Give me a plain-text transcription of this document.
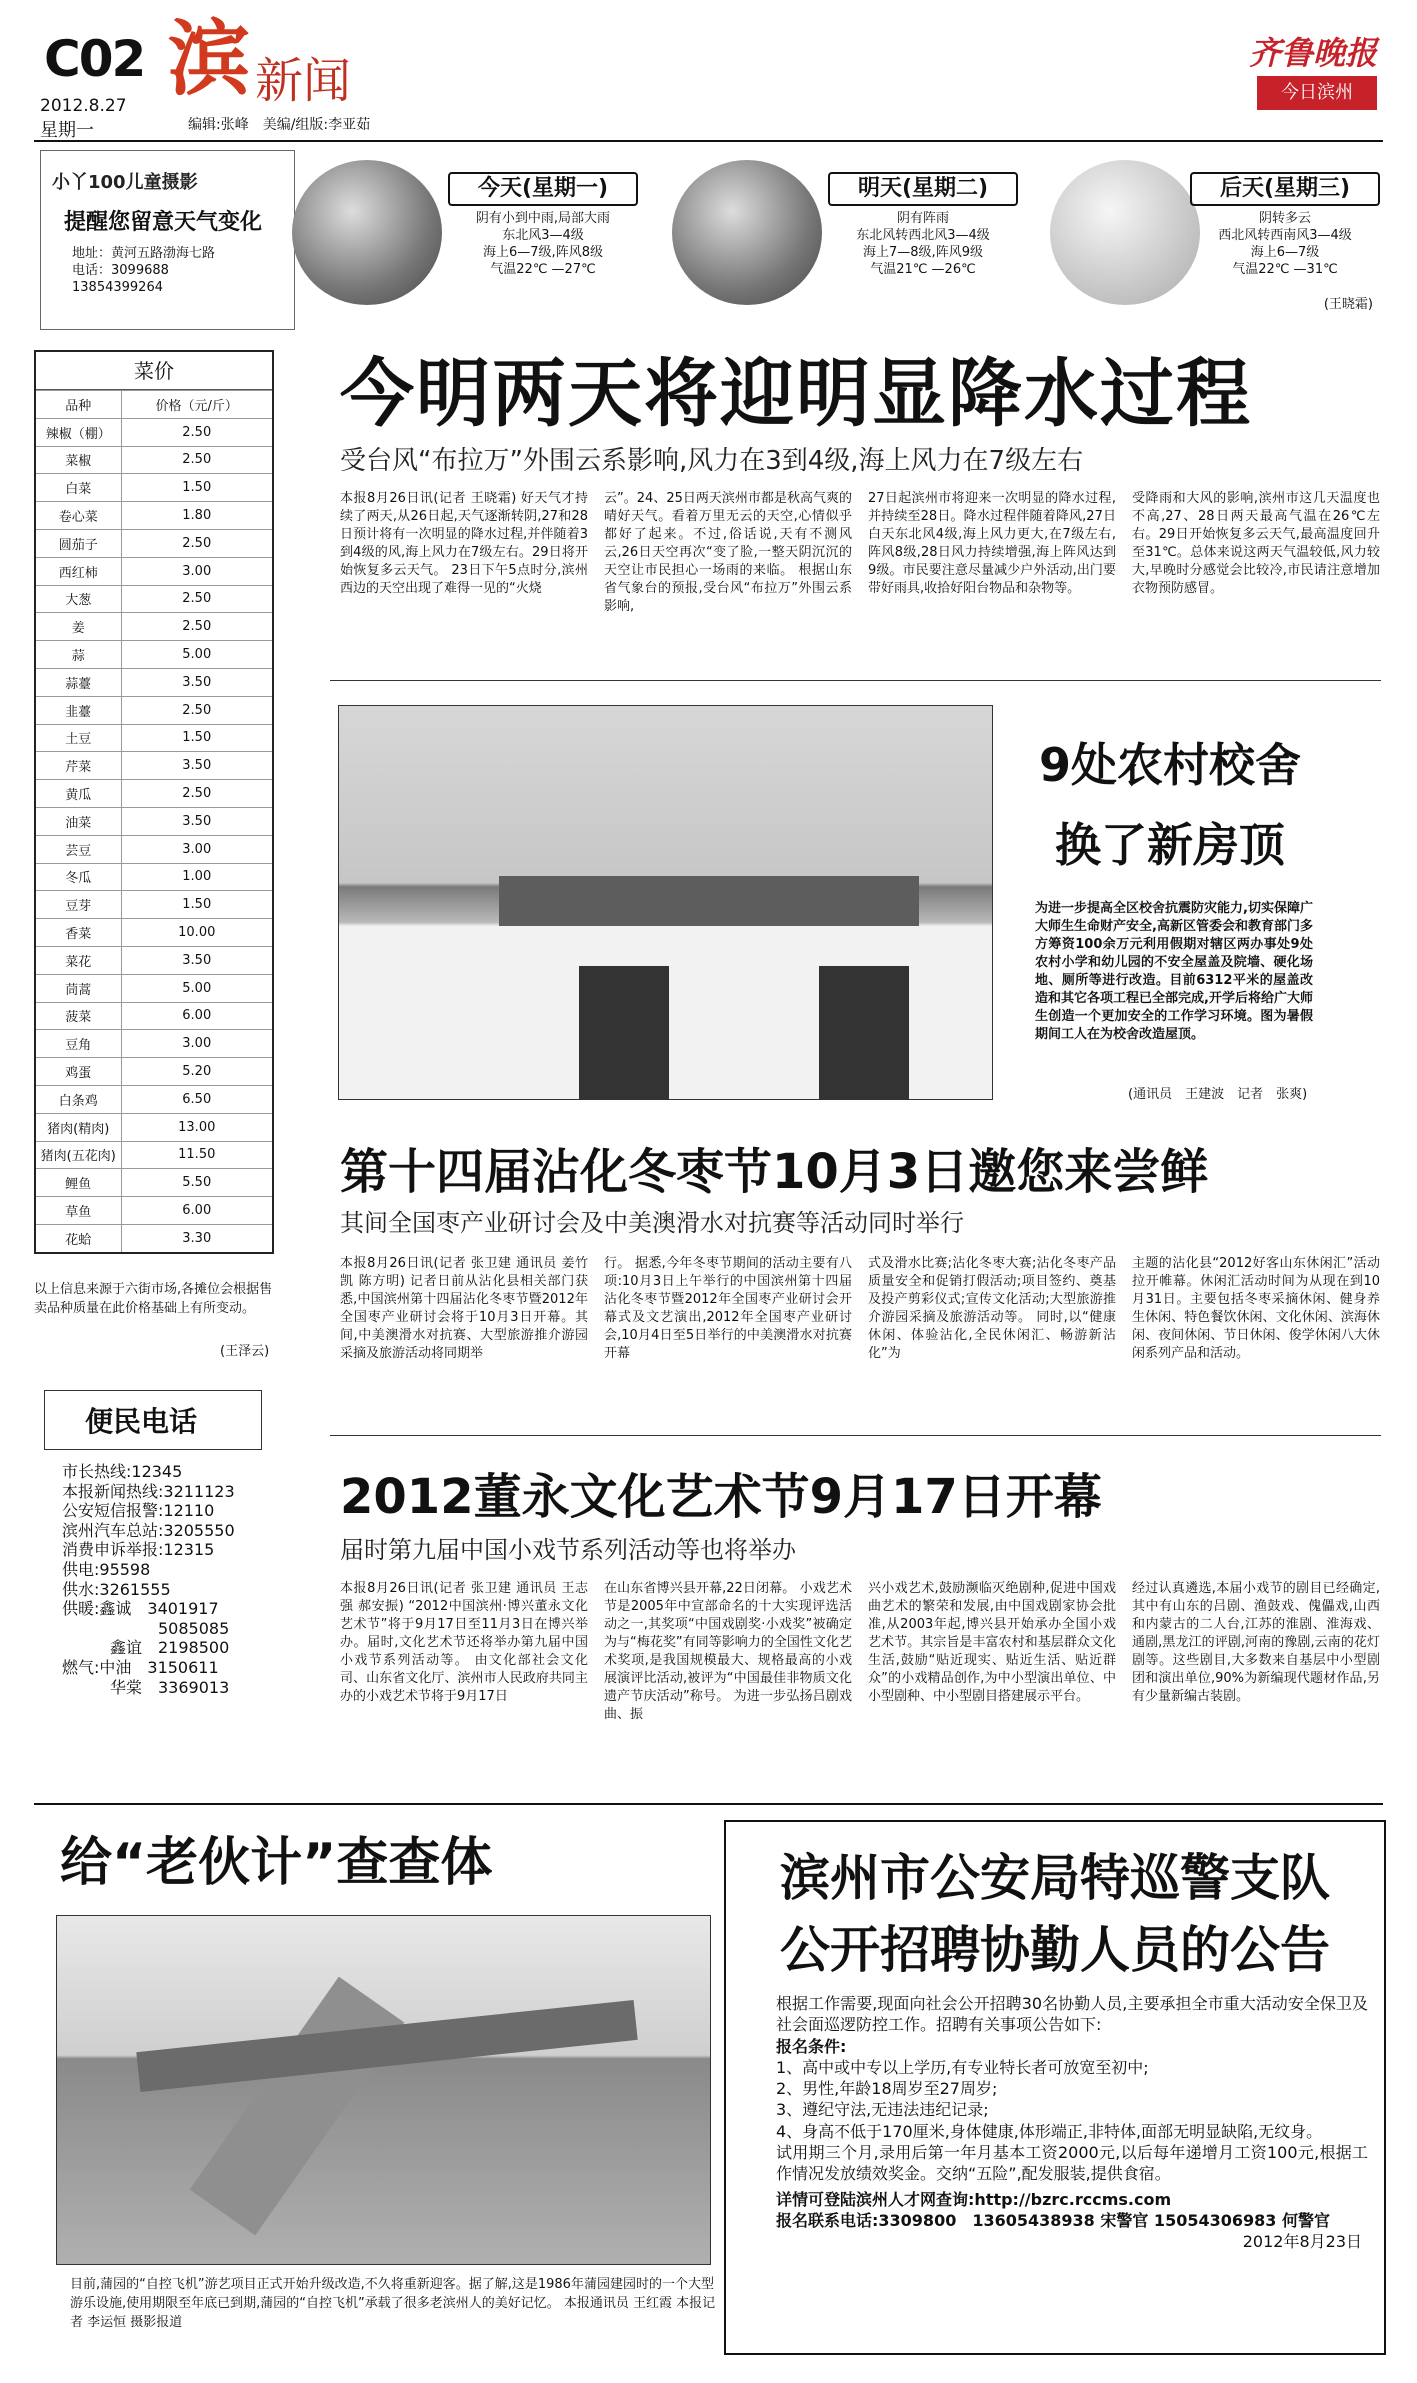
C02
2012.8.27
星期一
滨 新闻
编辑:张峰　美编/组版:李亚茹
齐鲁晚报
今日滨州
小丫100儿童摄影
提醒您留意天气变化
地址：黄河五路渤海七路
电话：3099688
13854399264
今天(星期一)
阴有小到中雨,局部大雨
东北风3—4级
海上6—7级,阵风8级
气温22℃ —27℃
明天(星期二)
阴有阵雨
东北风转西北风3—4级
海上7—8级,阵风9级
气温21℃ —26℃
后天(星期三)
阴转多云
西北风转西南风3—4级
海上6—7级
气温22℃ —31℃
(王晓霜)
菜价
品种	价格（元/斤）
辣椒（棚）	2.50
菜椒	2.50
白菜	1.50
卷心菜	1.80
圆茄子	2.50
西红柿	3.00
大葱	2.50
姜	2.50
蒜	5.00
蒜薹	3.50
韭薹	2.50
土豆	1.50
芹菜	3.50
黄瓜	2.50
油菜	3.50
芸豆	3.00
冬瓜	1.00
豆芽	1.50
香菜	10.00
菜花	3.50
茼蒿	5.00
菠菜	6.00
豆角	3.00
鸡蛋	5.20
白条鸡	6.50
猪肉(精肉)	13.00
猪肉(五花肉)	11.50
鲤鱼	5.50
草鱼	6.00
花蛤	3.30
以上信息来源于六街市场,各摊位会根据售卖品种质量在此价格基础上有所变动。
(王泽云)
便民电话
市长热线:12345
本报新闻热线:3211123
公安短信报警:12110
滨州汽车总站:3205550
消费申诉举报:12315
供电:95598
供水:3261555
供暖:鑫诚　3401917
　　　　　　5085085
　　　鑫谊　2198500
燃气:中油　3150611
　　　华棠　3369013
今明两天将迎明显降水过程
受台风“布拉万”外围云系影响,风力在3到4级,海上风力在7级左右

本报8月26日讯(记者 王晓霜) 好天气才持续了两天,从26日起,天气逐渐转阴,27和28日预计将有一次明显的降水过程,并伴随着3到4级的风,海上风力在7级左右。29日将开始恢复多云天气。 23日下午5点时分,滨州西边的天空出现了难得一见的“火烧

云”。24、25日两天滨州市都是秋高气爽的晴好天气。看着万里无云的天空,心情似乎都好了起来。不过,俗话说,天有不测风云,26日天空再次“变了脸,一整天阴沉沉的天空让市民担心一场雨的来临。 根据山东省气象台的预报,受台风“布拉万”外围云系影响,

27日起滨州市将迎来一次明显的降水过程,并持续至28日。降水过程伴随着降风,27日白天东北风4级,海上风力更大,在7级左右,阵风8级,28日风力持续增强,海上阵风达到9级。市民要注意尽量减少户外活动,出门要带好雨具,收拾好阳台物品和杂物等。

受降雨和大风的影响,滨州市这几天温度也不高,27、28日两天最高气温在26℃左右。29日开始恢复多云天气,最高温度回升至31℃。总体来说这两天气温较低,风力较大,早晚时分感觉会比较冷,市民请注意增加衣物预防感冒。

9处农村校舍
换了新房顶
为进一步提高全区校舍抗震防灾能力,切实保障广大师生生命财产安全,高新区管委会和教育部门多方筹资100余万元利用假期对辖区两办事处9处农村小学和幼儿园的不安全屋盖及院墙、硬化场地、厕所等进行改造。目前6312平米的屋盖改造和其它各项工程已全部完成,开学后将给广大师生创造一个更加安全的工作学习环境。图为暑假期间工人在为校舍改造屋顶。
(通讯员　王建波　记者　张爽)
第十四届沾化冬枣节10月3日邀您来尝鲜
其间全国枣产业研讨会及中美澳滑水对抗赛等活动同时举行

本报8月26日讯(记者 张卫建 通讯员 姜竹凯 陈方明) 记者日前从沾化县相关部门获悉,中国滨州第十四届沾化冬枣节暨2012年全国枣产业研讨会将于10月3日开幕。其间,中美澳滑水对抗赛、大型旅游推介游园采摘及旅游活动将同期举

行。 据悉,今年冬枣节期间的活动主要有八项:10月3日上午举行的中国滨州第十四届沾化冬枣节暨2012年全国枣产业研讨会开幕式及文艺演出,2012年全国枣产业研讨会,10月4日至5日举行的中美澳滑水对抗赛开幕

式及滑水比赛;沾化冬枣大赛;沾化冬枣产品质量安全和促销打假活动;项目签约、奠基及投产剪彩仪式;宣传文化活动;大型旅游推介游园采摘及旅游活动等。 同时,以“健康休闲、体验沾化,全民休闲汇、畅游新沾化”为

主题的沾化县“2012好客山东休闲汇”活动拉开帷幕。休闲汇活动时间为从现在到10月31日。主要包括冬枣采摘休闲、健身养生休闲、特色餐饮休闲、文化休闲、滨海休闲、夜间休闲、节日休闲、俊学休闲八大休闲系列产品和活动。

2012董永文化艺术节9月17日开幕
届时第九届中国小戏节系列活动等也将举办

本报8月26日讯(记者 张卫建 通讯员 王志强 郝安振) “2012中国滨州·博兴董永文化艺术节”将于9月17日至11月3日在博兴举办。届时,文化艺术节还将举办第九届中国小戏节系列活动等。 由文化部社会文化司、山东省文化厅、滨州市人民政府共同主办的小戏艺术节将于9月17日

在山东省博兴县开幕,22日闭幕。 小戏艺术节是2005年中宣部命名的十大实现评选活动之一,其奖项“中国戏剧奖·小戏奖”被确定为与“梅花奖”有同等影响力的全国性文化艺术奖项,是我国规模最大、规格最高的小戏展演评比活动,被评为“中国最佳非物质文化遗产节庆活动”称号。 为进一步弘扬吕剧戏曲、振

兴小戏艺术,鼓励濒临灭绝剧种,促进中国戏曲艺术的繁荣和发展,由中国戏剧家协会批准,从2003年起,博兴县开始承办全国小戏艺术节。其宗旨是丰富农村和基层群众文化生活,鼓励“贴近现实、贴近生活、贴近群众”的小戏精品创作,为中小型演出单位、中小型剧种、中小型剧目搭建展示平台。

经过认真遴选,本届小戏节的剧目已经确定,其中有山东的吕剧、渔鼓戏、傀儡戏,山西和内蒙古的二人台,江苏的淮剧、淮海戏、通剧,黑龙江的评剧,河南的豫剧,云南的花灯剧等。这些剧目,大多数来自基层中小型剧团和演出单位,90%为新编现代题材作品,另有少量新编古装剧。

给“老伙计”查查体
目前,蒲园的“自控飞机”游艺项目正式开始升级改造,不久将重新迎客。据了解,这是1986年蒲园建园时的一个大型游乐设施,使用期限至年底已到期,蒲园的“自控飞机”承载了很多老滨州人的美好记忆。 本报通讯员 王红霞 本报记者 李运恒 摄影报道
滨州市公安局特巡警支队
公开招聘协勤人员的公告
根据工作需要,现面向社会公开招聘30名协勤人员,主要承担全市重大活动安全保卫及社会面巡逻防控工作。招聘有关事项公告如下:
报名条件:
1、高中或中专以上学历,有专业特长者可放宽至初中;
2、男性,年龄18周岁至27周岁;
3、遵纪守法,无违法违纪记录;
4、身高不低于170厘米,身体健康,体形端正,非特体,面部无明显缺陷,无纹身。
试用期三个月,录用后第一年月基本工资2000元,以后每年递增月工资100元,根据工作情况发放绩效奖金。交纳“五险”,配发服装,提供食宿。
详情可登陆滨州人才网查询:http://bzrc.rccms.com
报名联系电话:3309800　13605438938 宋警官 15054306983 何警官
2012年8月23日
